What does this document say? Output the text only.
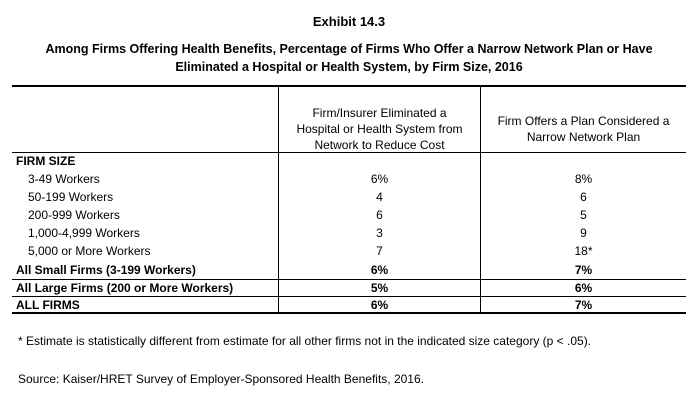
Exhibit 14.3
Among Firms Offering Health Benefits, Percentage of Firms Who Offer a Narrow Network Plan or Have
Eliminated a Hospital or Health System, by Firm Size, 2016
Firm/Insurer Eliminated a
Hospital or Health System from
Network to Reduce Cost
Firm Offers a Plan Considered a
Narrow Network Plan
FIRM SIZE
3-49 Workers	6%	8%
50-199 Workers	4	6
200-999 Workers	6	5
1,000-4,999 Workers	3	9
5,000 or More Workers	7	18*
All Small Firms (3-199 Workers)	6%	7%
All Large Firms (200 or More Workers)	5%	6%
ALL FIRMS	6%	7%
* Estimate is statistically different from estimate for all other firms not in the indicated size category (p < .05).
Source: Kaiser/HRET Survey of Employer-Sponsored Health Benefits, 2016.
